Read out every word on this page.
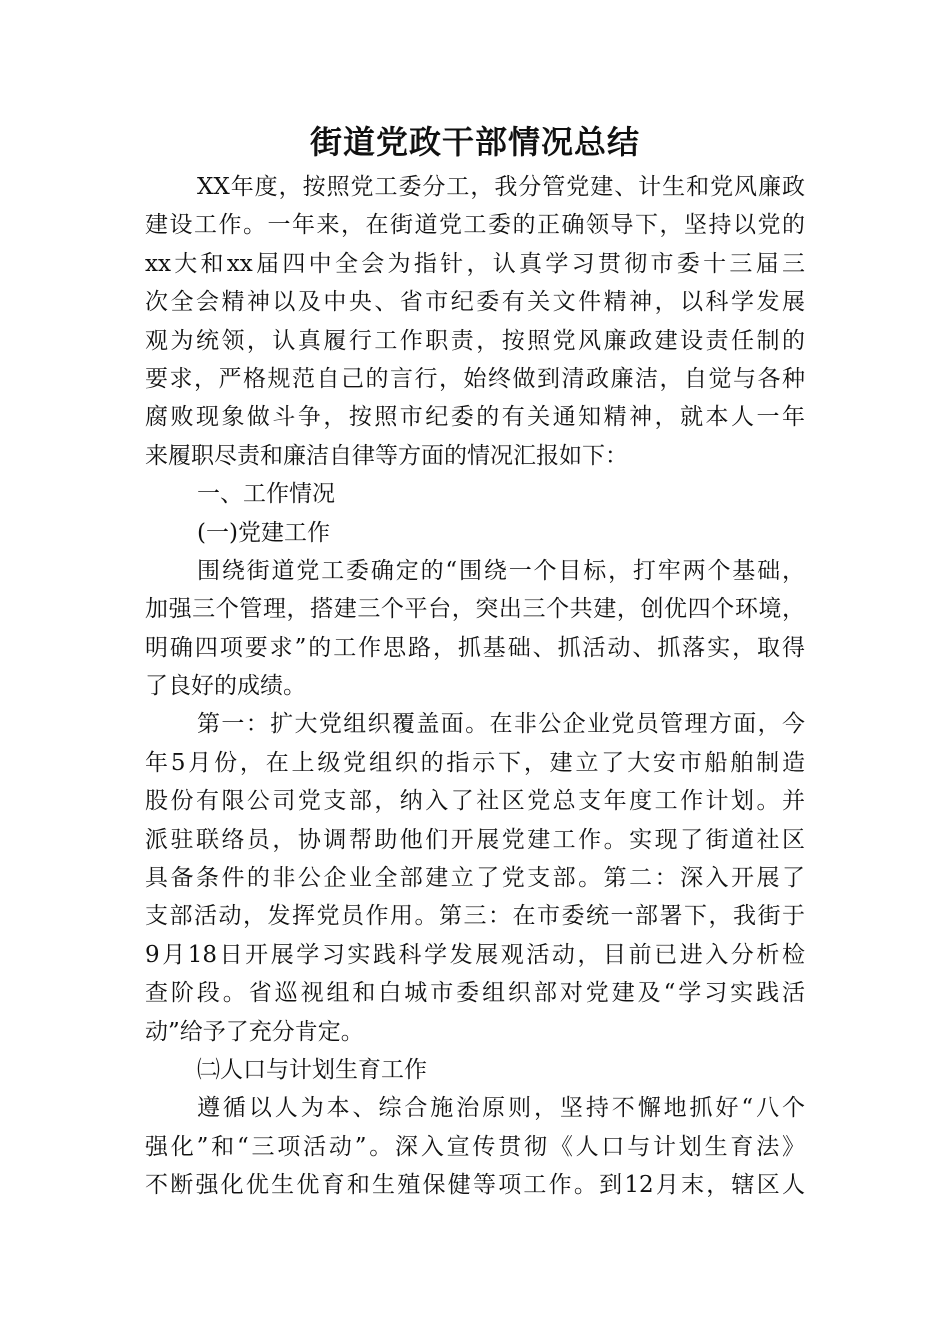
街道党政干部情况总结
XX年度，按照党工委分工，我分管党建、计生和党风廉政
建设工作。一年来，在街道党工委的正确领导下，坚持以党的
xx大和xx届四中全会为指针，认真学习贯彻市委十三届三
次全会精神以及中央、省市纪委有关文件精神，以科学发展
观为统领，认真履行工作职责，按照党风廉政建设责任制的
要求，严格规范自己的言行，始终做到清政廉洁，自觉与各种
腐败现象做斗争，按照市纪委的有关通知精神，就本人一年
来履职尽责和廉洁自律等方面的情况汇报如下：
一、工作情况
(一)党建工作
围绕街道党工委确定的“围绕一个目标，打牢两个基础，
加强三个管理，搭建三个平台，突出三个共建，创优四个环境，
明确四项要求”的工作思路，抓基础、抓活动、抓落实，取得
了良好的成绩。
第一：扩大党组织覆盖面。在非公企业党员管理方面，今
年5月份，在上级党组织的指示下，建立了大安市船舶制造
股份有限公司党支部，纳入了社区党总支年度工作计划。并
派驻联络员，协调帮助他们开展党建工作。实现了街道社区
具备条件的非公企业全部建立了党支部。第二：深入开展了
支部活动，发挥党员作用。第三：在市委统一部署下，我街于
9月18日开展学习实践科学发展观活动，目前已进入分析检
查阶段。省巡视组和白城市委组织部对党建及“学习实践活
动”给予了充分肯定。
㈡人口与计划生育工作
遵循以人为本、综合施治原则，坚持不懈地抓好“八个
强化”和“三项活动”。深入宣传贯彻《人口与计划生育法》
不断强化优生优育和生殖保健等项工作。到12月末，辖区人
